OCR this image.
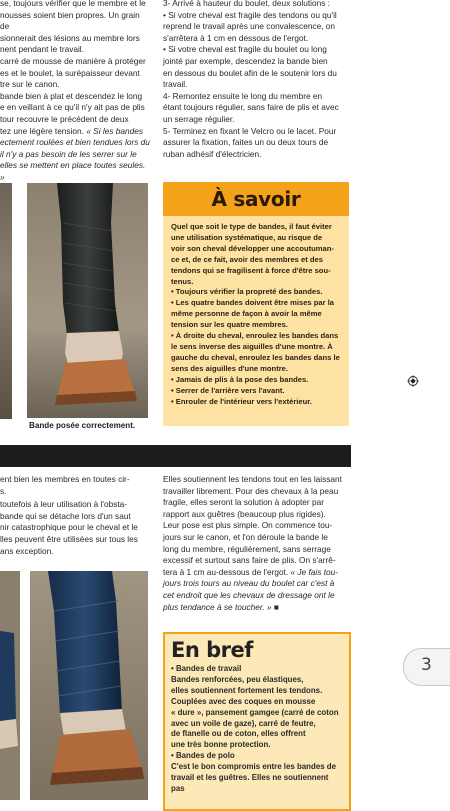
se, toujours vérifier que le membre et le

nousses soient bien propres. Un grain de

sionnerait des lésions au membre lors

nent pendant le travail.

carré de mousse de manière à protéger

es et le boulet, la surépaisseur devant

tre sur le canon.

bande bien à plat et descendez le long

e en veillant à ce qu'il n'y ait pas de plis

tour recouvre le précédent de deux

tez une légère tension. « Si les bandes

ectement roulées et bien tendues lors du

il n'y a pas besoin de les serrer sur le

elles se mettent en place toutes seules. »

3- Arrivé à hauteur du boulet, deux solutions :

• Si votre cheval est fragile des tendons ou qu'il

reprend le travail après une convalescence, on

s'arrêtera à 1 cm en dessous de l'ergot.

• Si votre cheval est fragile du boulet ou long

jointé par exemple, descendez la bande bien

en dessous du boulet afin de le soutenir lors du

travail.

4- Remontez ensuite le long du membre en

étant toujours régulier, sans faire de plis et avec

un serrage régulier.

5- Terminez en fixant le Velcro ou le lacet. Pour

assurer la fixation, faites un ou deux tours de

ruban adhésif d'électricien.

Bande posée correctement.
À savoir

Quel que soit le type de bandes, il faut éviter

une utilisation systématique, au risque de

voir son cheval développer une accoutuman-

ce et, de ce fait, avoir des membres et des

tendons qui se fragilisent à force d'être sou-

tenus.

• Toujours vérifier la propreté des bandes.

• Les quatre bandes doivent être mises par la

même personne de façon à avoir la même

tension sur les quatre membres.

• À droite du cheval, enroulez les bandes dans

le sens inverse des aiguilles d'une montre. À

gauche du cheval, enroulez les bandes dans le

sens des aiguilles d'une montre.

• Jamais de plis à la pose des bandes.

• Serrer de l'arrière vers l'avant.

• Enrouler de l'intérieur vers l'extérieur.

ent bien les membres en toutes cir-

s.

toutefois à leur utilisation à l'obsta-

bande qui se détache lors d'un saut

nir catastrophique pour le cheval et le

lles peuvent être utilisées sur tous les

ans exception.

Elles soutiennent les tendons tout en les laissant

travailler librement. Pour des chevaux à la peau

fragile, elles seront la solution à adopter par

rapport aux guêtres (beaucoup plus rigides).

Leur pose est plus simple. On commence tou-

jours sur le canon, et l'on déroule la bande le

long du membre, régulièrement, sans serrage

excessif et surtout sans faire de plis. On s'arrê-

tera à 1 cm au-dessous de l'ergot. « Je fais tou-

jours trois tours au niveau du boulet car c'est à

cet endroit que les chevaux de dressage ont le

plus tendance à se toucher. » ■

En bref
• Bandes de travail
Bandes renforcées, peu élastiques,
elles soutiennent fortement les tendons.
Couplées avec des coques en mousse
« dure », pansement gamgee (carré de coton
avec un voile de gaze), carré de feutre,
de flanelle ou de coton, elles offrent
une très bonne protection.
• Bandes de polo
C'est le bon compromis entre les bandes de
travail et les guêtres. Elles ne soutiennent pas
3
